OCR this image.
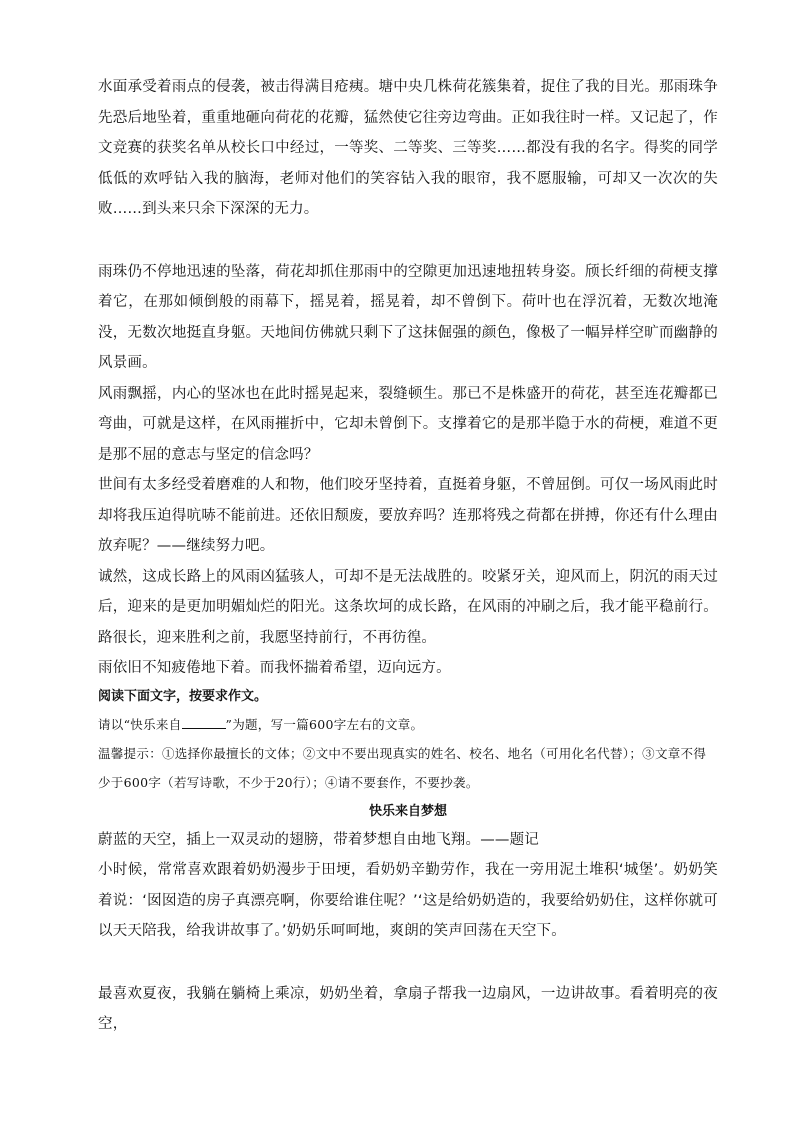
水面承受着雨点的侵袭，被击得满目疮痍。塘中央几株荷花簇集着，捉住了我的目光。那雨珠争先恐后地坠着，重重地砸向荷花的花瓣，猛然使它往旁边弯曲。正如我往时一样。又记起了，作文竞赛的获奖名单从校长口中经过，一等奖、二等奖、三等奖……都没有我的名字。得奖的同学低低的欢呼钻入我的脑海，老师对他们的笑容钻入我的眼帘，我不愿服输，可却又一次次的失败……到头来只余下深深的无力。

雨珠仍不停地迅速的坠落，荷花却抓住那雨中的空隙更加迅速地扭转身姿。颀长纤细的荷梗支撑着它，在那如倾倒般的雨幕下，摇晃着，摇晃着，却不曾倒下。荷叶也在浮沉着，无数次地淹没，无数次地挺直身躯。天地间仿佛就只剩下了这抹倔强的颜色，像极了一幅异样空旷而幽静的风景画。

风雨飘摇，内心的坚冰也在此时摇晃起来，裂缝顿生。那已不是株盛开的荷花，甚至连花瓣都已弯曲，可就是这样，在风雨摧折中，它却未曾倒下。支撑着它的是那半隐于水的荷梗，难道不更是那不屈的意志与坚定的信念吗？

世间有太多经受着磨难的人和物，他们咬牙坚持着，直挺着身躯，不曾屈倒。可仅一场风雨此时却将我压迫得吭哧不能前进。还依旧颓废，要放弃吗？连那将残之荷都在拼搏，你还有什么理由放弃呢？——继续努力吧。

诚然，这成长路上的风雨凶猛骇人，可却不是无法战胜的。咬紧牙关，迎风而上，阴沉的雨天过后，迎来的是更加明媚灿烂的阳光。这条坎坷的成长路，在风雨的冲刷之后，我才能平稳前行。路很长，迎来胜利之前，我愿坚持前行，不再彷徨。

雨依旧不知疲倦地下着。而我怀揣着希望，迈向远方。

阅读下面文字，按要求作文。

请以“快乐来自	”为题，写一篇600字左右的文章。

温馨提示：①选择你最擅长的文体；②文中不要出现真实的姓名、校名、地名（可用化名代替）；③文章不得少于600字（若写诗歌，不少于20行）；④请不要套作，不要抄袭。

快乐来自梦想

蔚蓝的天空，插上一双灵动的翅膀，带着梦想自由地飞翔。——题记

小时候，常常喜欢跟着奶奶漫步于田埂，看奶奶辛勤劳作，我在一旁用泥土堆积‘城堡’。奶奶笑着说：‘囡囡造的房子真漂亮啊，你要给谁住呢？’‘这是给奶奶造的，我要给奶奶住，这样你就可以天天陪我，给我讲故事了。’奶奶乐呵呵地，爽朗的笑声回荡在天空下。

最喜欢夏夜，我躺在躺椅上乘凉，奶奶坐着，拿扇子帮我一边扇风，一边讲故事。看着明亮的夜空，
